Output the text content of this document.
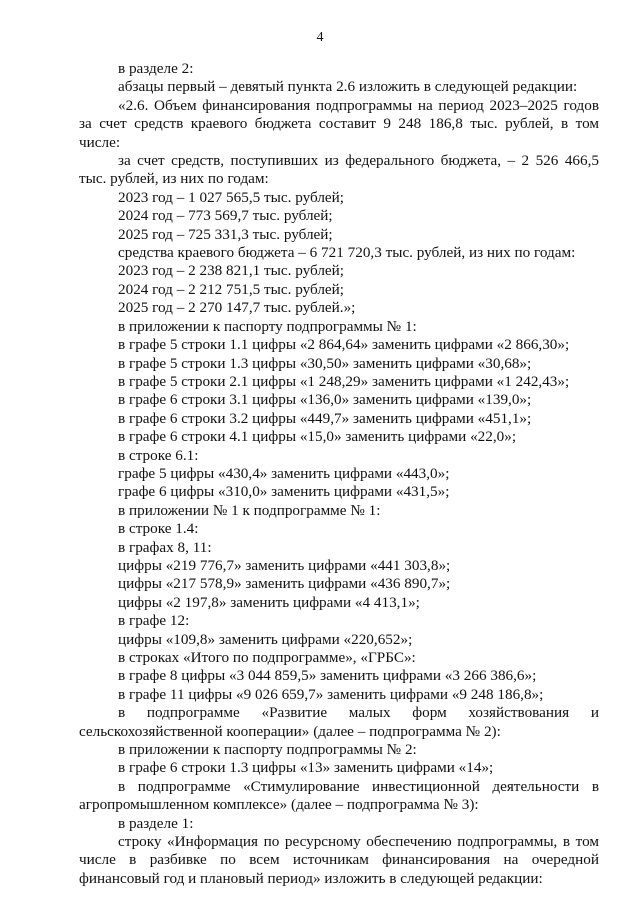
4
в разделе 2:
абзацы первый – девятый пункта 2.6 изложить в следующей редакции:
«2.6. Объем финансирования подпрограммы на период 2023–2025 годов за счет средств краевого бюджета составит 9 248 186,8 тыс. рублей, в том числе:
за счет средств, поступивших из федерального бюджета, – 2 526 466,5 тыс. рублей, из них по годам:
2023 год – 1 027 565,5 тыс. рублей;
2024 год – 773 569,7 тыс. рублей;
2025 год – 725 331,3 тыс. рублей;
средства краевого бюджета – 6 721 720,3 тыс. рублей, из них по годам:
2023 год – 2 238 821,1 тыс. рублей;
2024 год – 2 212 751,5 тыс. рублей;
2025 год – 2 270 147,7 тыс. рублей.»;
в приложении к паспорту подпрограммы № 1:
в графе 5 строки 1.1 цифры «2 864,64» заменить цифрами «2 866,30»;
в графе 5 строки 1.3 цифры «30,50» заменить цифрами «30,68»;
в графе 5 строки 2.1 цифры «1 248,29» заменить цифрами «1 242,43»;
в графе 6 строки 3.1 цифры «136,0» заменить цифрами «139,0»;
в графе 6 строки 3.2 цифры «449,7» заменить цифрами «451,1»;
в графе 6 строки 4.1 цифры «15,0» заменить цифрами «22,0»;
в строке 6.1:
графе 5 цифры «430,4» заменить цифрами «443,0»;
графе 6 цифры «310,0» заменить цифрами «431,5»;
в приложении № 1 к подпрограмме № 1:
в строке 1.4:
в графах 8, 11:
цифры «219 776,7» заменить цифрами «441 303,8»;
цифры «217 578,9» заменить цифрами «436 890,7»;
цифры «2 197,8» заменить цифрами «4 413,1»;
в графе 12:
цифры «109,8» заменить цифрами «220,652»;
в строках «Итого по подпрограмме», «ГРБС»:
в графе 8 цифры «3 044 859,5» заменить цифрами «3 266 386,6»;
в графе 11 цифры «9 026 659,7» заменить цифрами «9 248 186,8»;
в подпрограмме «Развитие малых форм хозяйствования и сельскохозяйственной кооперации» (далее – подпрограмма № 2):
в приложении к паспорту подпрограммы № 2:
в графе 6 строки 1.3 цифры «13» заменить цифрами «14»;
в подпрограмме «Стимулирование инвестиционной деятельности в агропромышленном комплексе» (далее – подпрограмма № 3):
в разделе 1:
строку «Информация по ресурсному обеспечению подпрограммы, в том числе в разбивке по всем источникам финансирования на очередной финансовый год и плановый период» изложить в следующей редакции:
